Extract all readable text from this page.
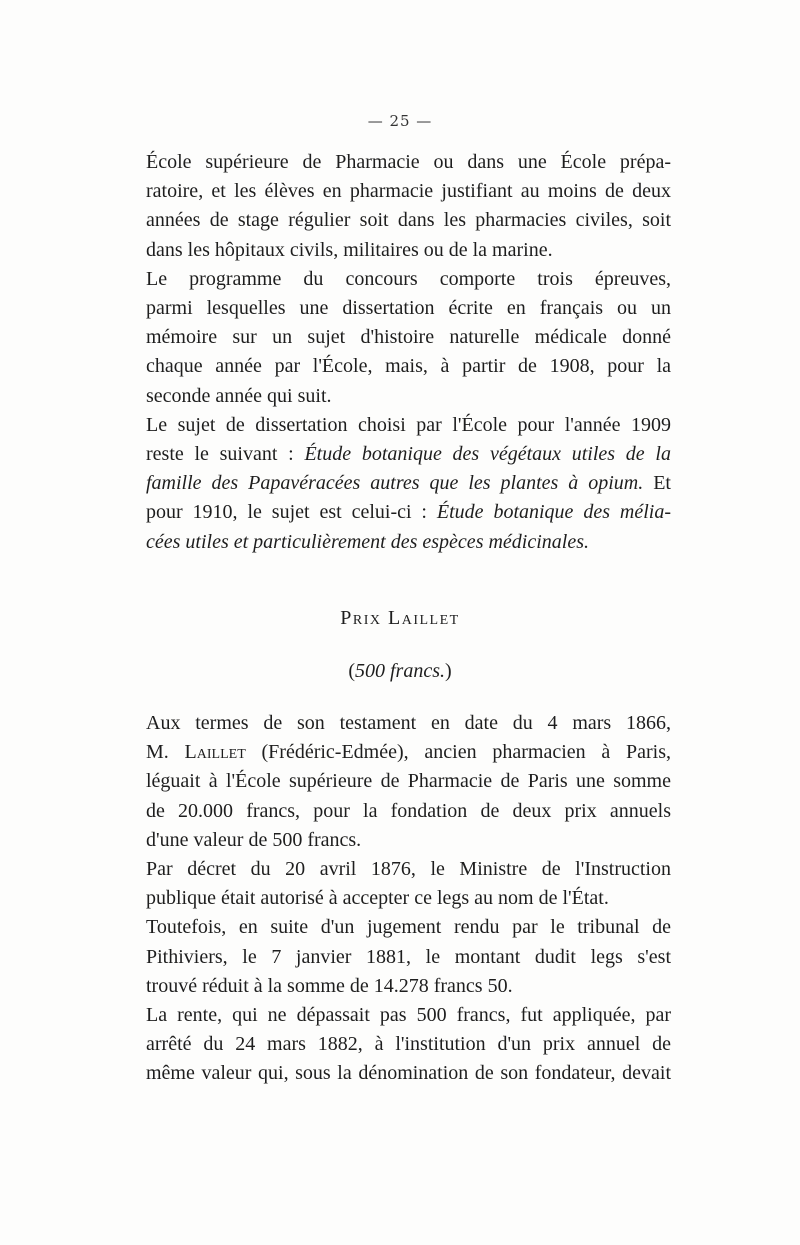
— 25 —
École supérieure de Pharmacie ou dans une École prépa-
ratoire, et les élèves en pharmacie justifiant au moins de deux
années de stage régulier soit dans les pharmacies civiles, soit
dans les hôpitaux civils, militaires ou de la marine.
Le programme du concours comporte trois épreuves,
parmi lesquelles une dissertation écrite en français ou un
mémoire sur un sujet d'histoire naturelle médicale donné
chaque année par l'École, mais, à partir de 1908, pour la
seconde année qui suit.
Le sujet de dissertation choisi par l'École pour l'année 1909
reste le suivant : Étude botanique des végétaux utiles de la
famille des Papavéracées autres que les plantes à opium. Et
pour 1910, le sujet est celui-ci : Étude botanique des mélia-
cées utiles et particulièrement des espèces médicinales.
Prix Laillet
(500 francs.)
Aux termes de son testament en date du 4 mars 1866,
M. Laillet (Frédéric-Edmée), ancien pharmacien à Paris,
léguait à l'École supérieure de Pharmacie de Paris une somme
de 20.000 francs, pour la fondation de deux prix annuels
d'une valeur de 500 francs.
Par décret du 20 avril 1876, le Ministre de l'Instruction
publique était autorisé à accepter ce legs au nom de l'État.
Toutefois, en suite d'un jugement rendu par le tribunal de
Pithiviers, le 7 janvier 1881, le montant dudit legs s'est
trouvé réduit à la somme de 14.278 francs 50.
La rente, qui ne dépassait pas 500 francs, fut appliquée, par
arrêté du 24 mars 1882, à l'institution d'un prix annuel de
même valeur qui, sous la dénomination de son fondateur, devait
